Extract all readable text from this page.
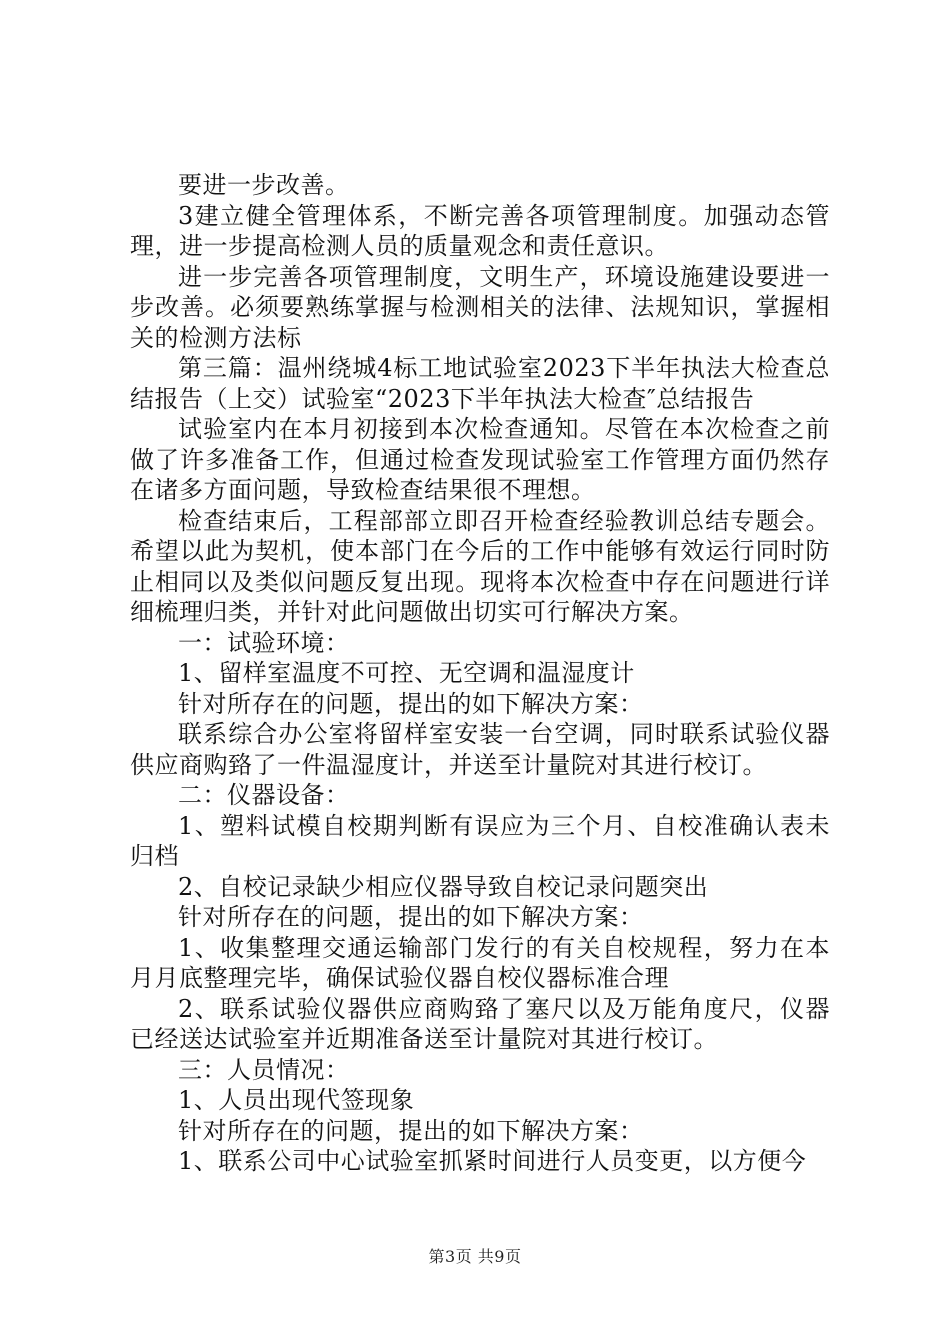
要进一步改善。

3建立健全管理体系，不断完善各项管理制度。加强动态管理，进一步提高检测人员的质量观念和责任意识。

进一步完善各项管理制度，文明生产，环境设施建设要进一步改善。必须要熟练掌握与检测相关的法律、法规知识，掌握相关的检测方法标

第三篇：温州绕城4标工地试验室2023下半年执法大检查总结报告（上交）试验室“2023下半年执法大检查″总结报告

试验室内在本月初接到本次检查通知。尽管在本次检查之前做了许多准备工作，但通过检查发现试验室工作管理方面仍然存在诸多方面问题，导致检查结果很不理想。

检查结束后，工程部部立即召开检查经验教训总结专题会。希望以此为契机，使本部门在今后的工作中能够有效运行同时防止相同以及类似问题反复出现。现将本次检查中存在问题进行详细梳理归类，并针对此问题做出切实可行解决方案。

一：试验环境：

1、留样室温度不可控、无空调和温湿度计

针对所存在的问题，提出的如下解决方案：

联系综合办公室将留样室安装一台空调，同时联系试验仪器供应商购臵了一件温湿度计，并送至计量院对其进行校订。

二：仪器设备：

1、塑料试模自校期判断有误应为三个月、自校准确认表未归档

2、自校记录缺少相应仪器导致自校记录问题突出

针对所存在的问题，提出的如下解决方案：

1、收集整理交通运输部门发行的有关自校规程，努力在本月月底整理完毕，确保试验仪器自校仪器标准合理

2、联系试验仪器供应商购臵了塞尺以及万能角度尺，仪器已经送达试验室并近期准备送至计量院对其进行校订。

三：人员情况：

1、人员出现代签现象

针对所存在的问题，提出的如下解决方案：

1、联系公司中心试验室抓紧时间进行人员变更，以方便今

第3页 共9页
